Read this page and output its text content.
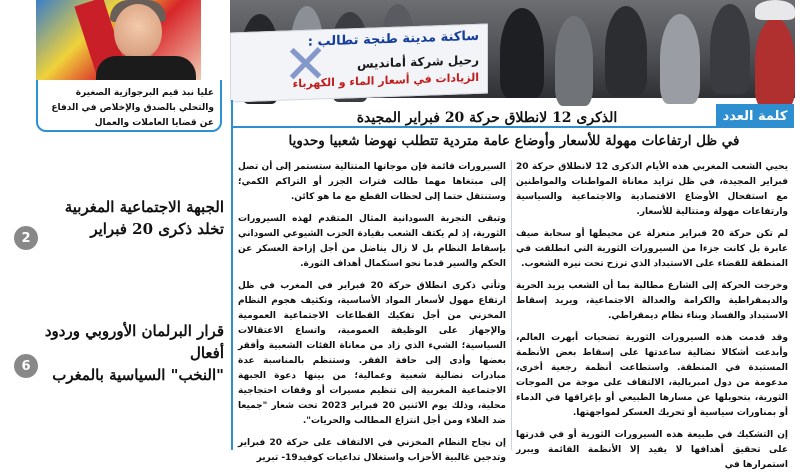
✕
ساكنة مدينة طنجة تطالب :
رحيل شركة أمانديس
الزيادات في أسعار الماء و الكهرباء
عليا نبذ قيم البرجوازية الصغيرة والتحلي بالصدق والإخلاص في الدفاع عن قضايا العاملات والعمال
الجبهة الاجتماعية المغربية
تخلد ذكرى 20 فبراير
2
قرار البرلمان الأوروبي وردود أفعال
"النخب" السياسية بالمغرب
6
كلمة العدد
الذكرى 12 لانطلاق حركة 20 فبراير المجيدة
في ظل ارتفاعات مهولة للأسعار وأوضاع عامة متردية تتطلب نهوضا شعبيا وحدويا

يحيي الشعب المغربي هذه الأيام الذكرى 12 لانطلاق حركة 20 فبراير المجيدة، في ظل تزايد معاناة المواطنات والمواطنين مع استفحال الأوضاع الاقتصادية والاجتماعية والسياسية وارتفاعات مهولة ومتتالية للأسعار.

لم تكن حركة 20 فبراير منعزلة عن محيطها أو سحابة صيف عابرة بل كانت جزءا من السيرورات الثورية التي انطلقت في المنطقة للقضاء على الاستبداد الذي ترزح تحت نيره الشعوب.

وخرجت الحركة إلى الشارع مطالبة بما أن الشعب يريد الحرية والديمقراطية والكرامة والعدالة الاجتماعية، ويريد إسقاط الاستبداد والفساد وبناء نظام ديمقراطي.

وقد قدمت هذه السيرورات الثورية تضحيات أبهرت العالم، وأبدعت أشكالا نضالية ساعدتها على إسقاط بعض الأنظمة المستبدة في المنطقة. واستطاعت أنظمة رجعية أخرى، مدعومة من دول امبريالية، الالتفاف على موجة من الموجات الثورية، بتحويلها عن مسارها الطبيعي أو بإغراقها في الدماء أو بمناورات سياسية أو تحريك العسكر لمواجهتها.

إن التشكيك في طبيعة هذه السيرورات الثورية أو في قدرتها على تحقيق أهدافها لا يفيد إلا الأنظمة القائمة ويبرر استمرارها في

السيرورات قائمة فإن موجاتها المتتالية ستستمر إلى أن تصل إلى مبتغاها مهما طالت فترات الجزر أو التراكم الكمي؛ وستنتقل حتما إلى لحظات القطع مع ما هو كائن.

وتبقى التجربة السودانية المثال المتقدم لهذه السيرورات الثورية، إذ لم يكتف الشعب بقيادة الحزب الشيوعي السوداني بإسقاط النظام بل لا زال يناضل من أجل إزاحة العسكر عن الحكم والسير قدما نحو استكمال أهداف الثورة.

وتأتي ذكرى انطلاق حركة 20 فبراير في المغرب في ظل ارتفاع مهول لأسعار المواد الأساسية، وتكثيف هجوم النظام المخزني من أجل تفكيك القطاعات الاجتماعية العمومية والإجهاز على الوظيفة العمومية، واتساع الاعتقالات السياسية؛ الشيء الذي زاد من معاناة الفئات الشعبية وأفقر بعضها وأدى إلى حافة الفقر. وستنظم بالمناسبة عدة مبادرات نضالية شعبية وعمالية؛ من بينها دعوة الجبهة الاجتماعية المغربية إلى تنظيم مسيرات أو وقفات احتجاجية محلية، وذلك يوم الاثنين 20 فبراير 2023 تحت شعار "جميعا ضد الغلاء ومن أجل انتزاع المطالب والحريات".

إن نجاح النظام المخزني في الالتفاف على حركة 20 فبراير وتدجين غالبية الأحزاب واستغلال تداعيات كوفيد19- تبرير
